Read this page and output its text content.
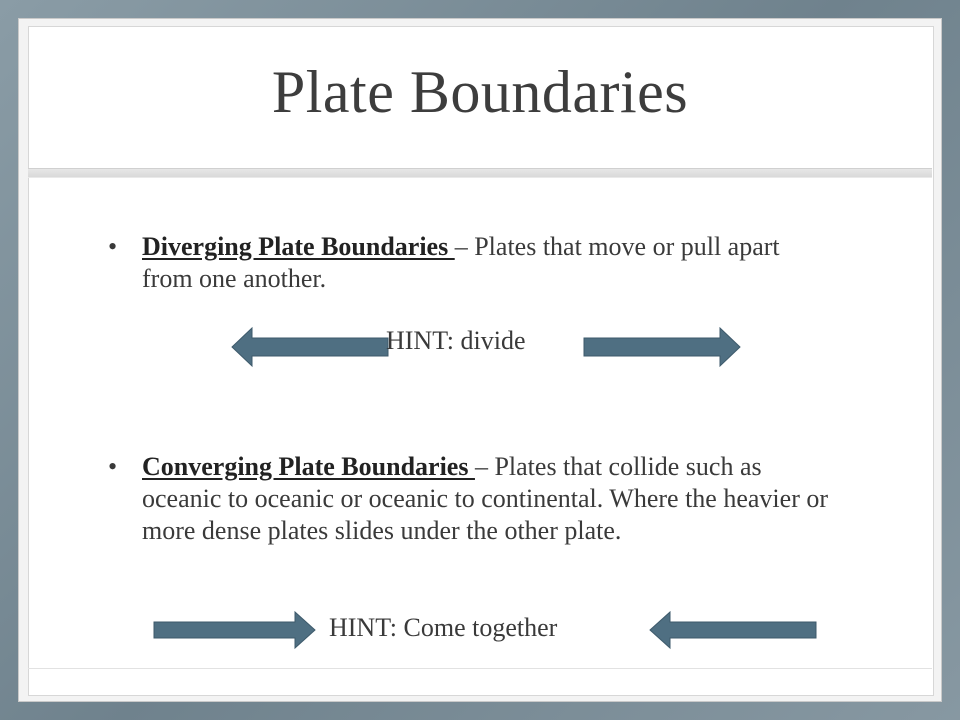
Plate Boundaries
• Diverging Plate Boundaries – Plates that move or pull apart from one another.
HINT: divide
• Converging Plate Boundaries – Plates that collide such as oceanic to oceanic or oceanic to continental. Where the heavier or more dense plates slides under the other plate.
HINT: Come together
